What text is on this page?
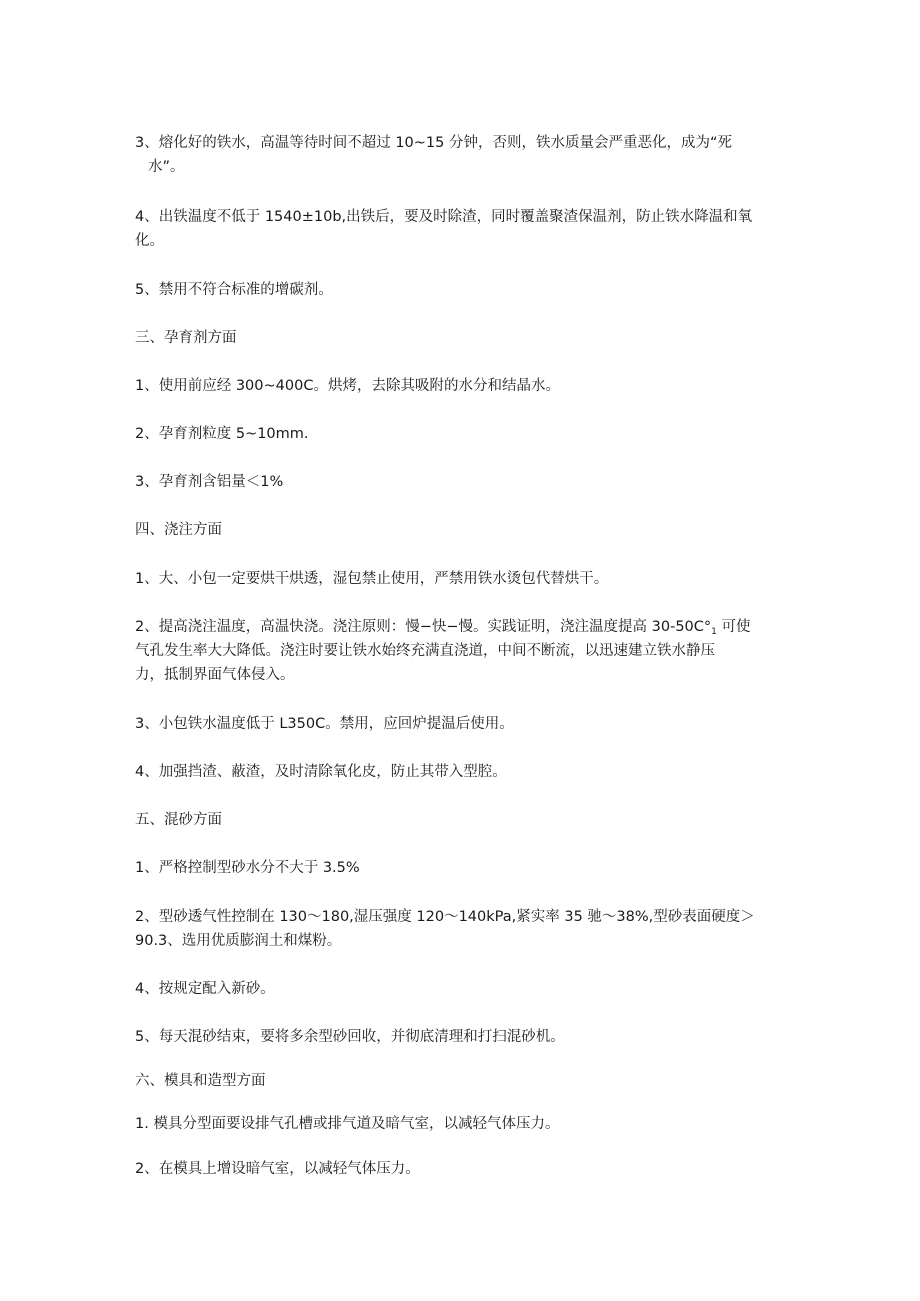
3、熔化好的铁水，高温等待时间不超过 10~15 分钟，否则，铁水质量会严重恶化，成为“死
水”。
4、出铁温度不低于 1540±10b,出铁后，要及时除渣，同时覆盖聚渣保温剂，防止铁水降温和氧
化。
5、禁用不符合标准的增碳剂。
三、孕育剂方面
1、使用前应经 300~400C。烘烤，去除其吸附的水分和结晶水。
2、孕育剂粒度 5~10mm.
3、孕育剂含铝量＜1%
四、浇注方面
1、大、小包一定要烘干烘透，湿包禁止使用，严禁用铁水烫包代替烘干。
2、提高浇注温度，高温快浇。浇注原则：慢−快−慢。实践证明，浇注温度提高 $30-50C^\circ_1$ 可使
气孔发生率大大降低。浇注时要让铁水始终充满直浇道，中间不断流，以迅速建立铁水静压
力，抵制界面气体侵入。
3、小包铁水温度低于 L350C。禁用，应回炉提温后使用。
4、加强挡渣、蔽渣，及时清除氧化皮，防止其带入型腔。
五、混砂方面
1、严格控制型砂水分不大于 3.5%
2、型砂透气性控制在 130～180,湿压强度 120～140kPa,紧实率 35 驰～38%,型砂表面硬度＞
90.3、选用优质膨润土和煤粉。
4、按规定配入新砂。
5、每天混砂结束，要将多余型砂回收，并彻底清理和打扫混砂机。
六、模具和造型方面
1. 模具分型面要设排气孔槽或排气道及暗气室，以减轻气体压力。
2、在模具上增设暗气室，以减轻气体压力。
